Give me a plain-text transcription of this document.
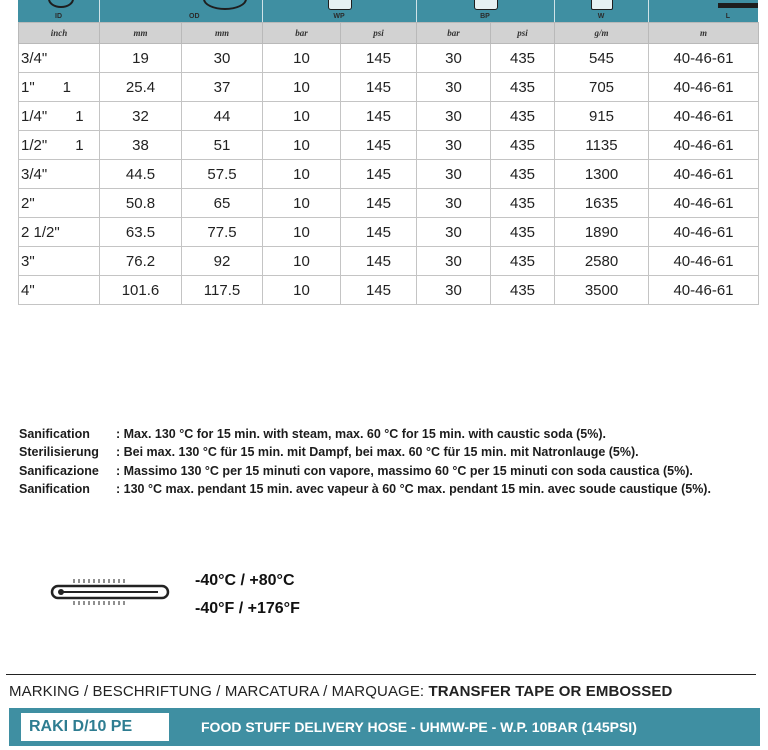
ID	OD	WP	BP	W	L
inch	mm	mm	bar	psi	bar	psi	g/m	m
3/4"	19	30	10	145	30	435	545	40-46-61
1" 1	25.4	37	10	145	30	435	705	40-46-61
1/4" 1	32	44	10	145	30	435	915	40-46-61
1/2" 1	38	51	10	145	30	435	1135	40-46-61
3/4"	44.5	57.5	10	145	30	435	1300	40-46-61
2"	50.8	65	10	145	30	435	1635	40-46-61
2 1/2"	63.5	77.5	10	145	30	435	1890	40-46-61
3"	76.2	92	10	145	30	435	2580	40-46-61
4"	101.6	117.5	10	145	30	435	3500	40-46-61
Sanification : Max. 130 °C for 15 min. with steam, max. 60 °C for 15 min. with caustic soda (5%).
Sterilisierung : Bei max. 130 °C für 15 min. mit Dampf, bei max. 60 °C für 15 min. mit Natronlauge (5%).
Sanificazione : Massimo 130 °C per 15 minuti con vapore, massimo 60 °C per 15 minuti con soda caustica (5%).
Sanification : 130 °C max. pendant 15 min. avec vapeur à 60 °C max. pendant 15 min. avec soude caustique (5%).
-40°C / +80°C
-40°F / +176°F
MARKING / BESCHRIFTUNG / MARCATURA / MARQUAGE: TRANSFER TAPE OR EMBOSSED
RAKI D/10 PE	FOOD STUFF DELIVERY HOSE - UHMW-PE - W.P. 10BAR (145PSI)
